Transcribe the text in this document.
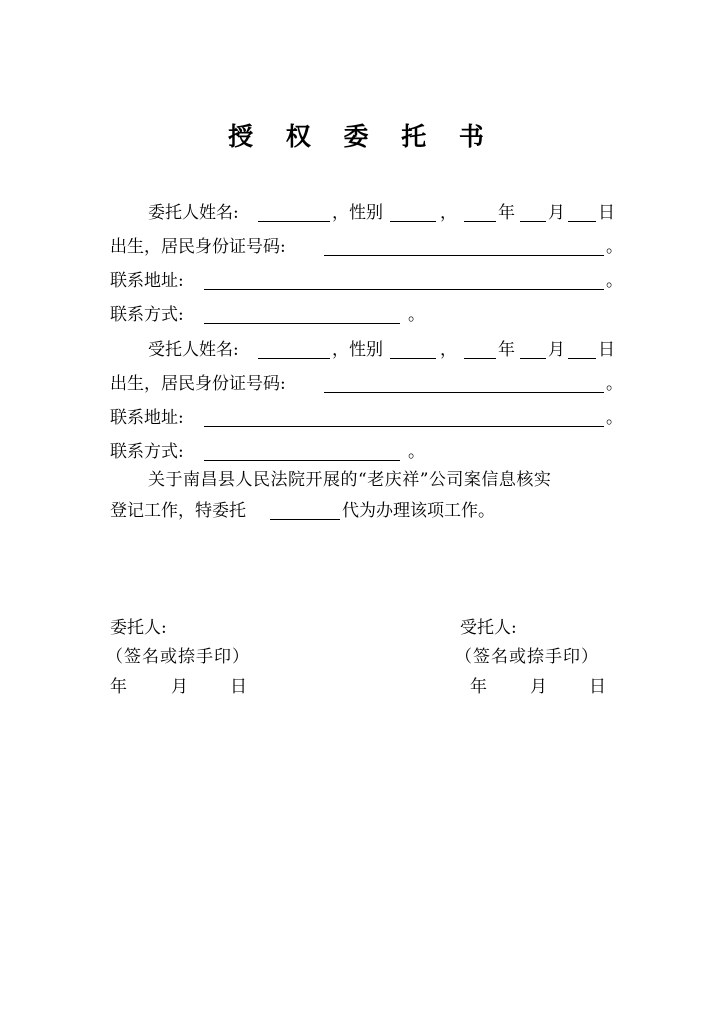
授 权 委 托 书
委托人姓名:	，性别	， 年 月 日
出生，居民身份证号码:	。
联系地址:	。
联系方式:	。
受托人姓名:	，性别	， 年 月 日
出生，居民身份证号码:	。
联系地址:	。
联系方式:	。
关于南昌县人民法院开展的“老庆祥”公司案信息核实
登记工作，特委托	代为办理该项工作。
委托人:
（签名或捺手印）
年	月 日
受托人:
（签名或捺手印）
年	月 日
